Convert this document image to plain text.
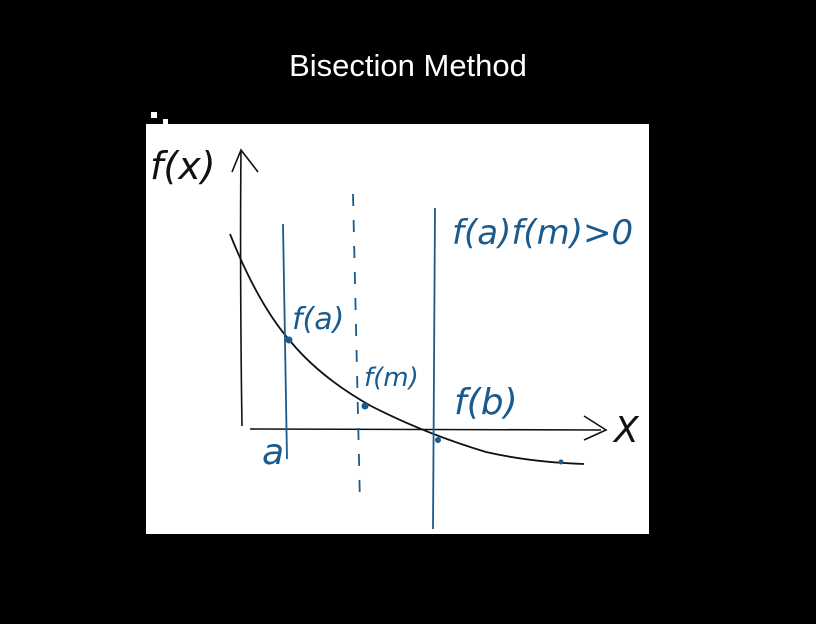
Bisection Method
f(x)
X
a
f(a)
f(m)
f(b)
f(a)f(m)>0
